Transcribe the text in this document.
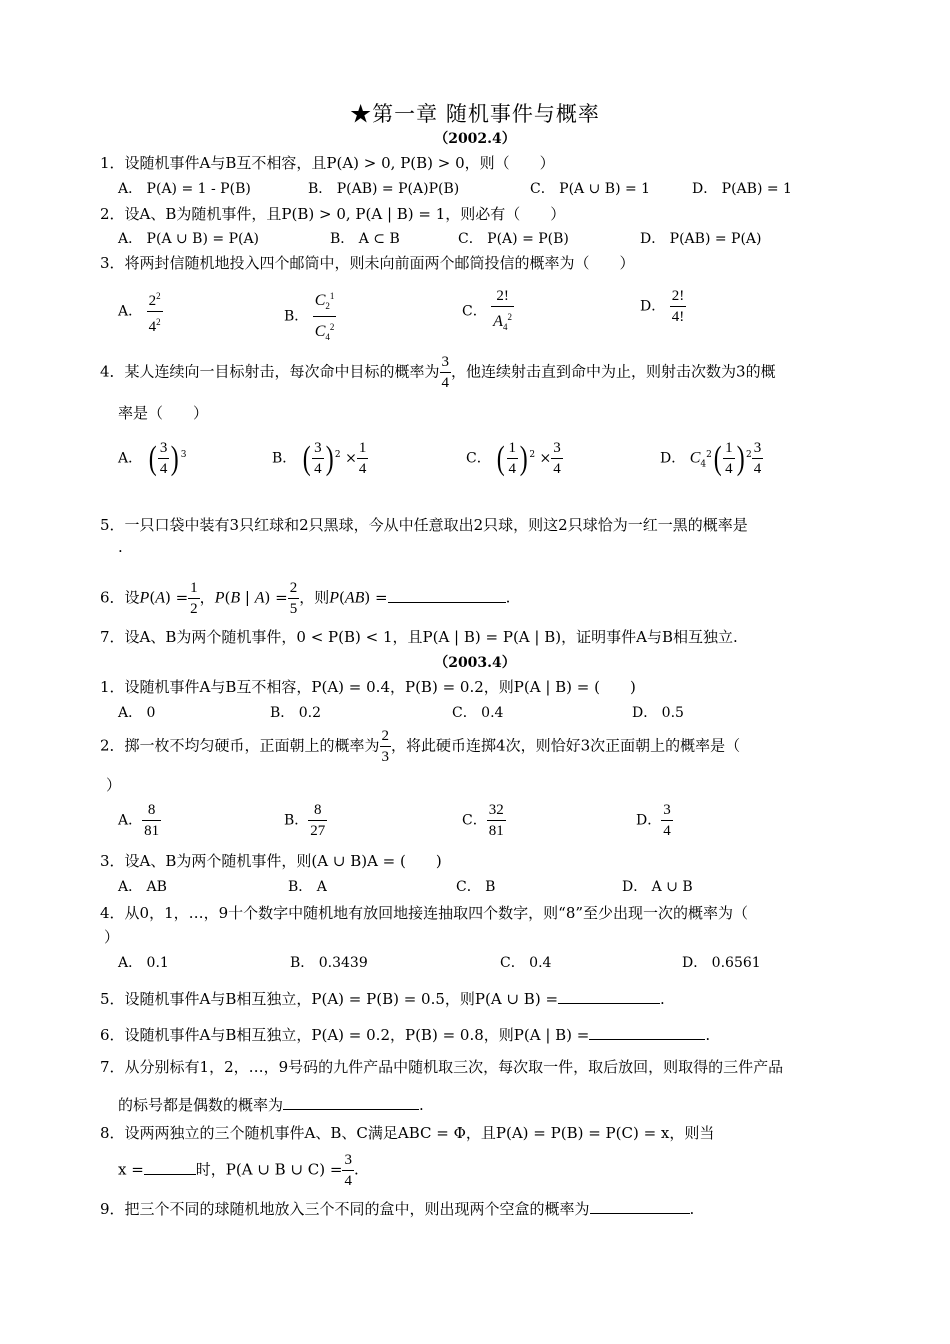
★第一章 随机事件与概率
（2002.4）
1．设随机事件A与B互不相容，且P(A) > 0, P(B) > 0，则（　　）
A． P(A) = 1 - P(B)	B． P(AB) = P(A)P(B)	C． P(A ∪ B) = 1	D． P(AB) = 1
2．设A、B为随机事件，且P(B) > 0, P(A | B) = 1，则必有（　　）
A． P(A ∪ B) = P(A)	B． A ⊂ B	C． P(A) = P(B)	D． P(AB) = P(A)
3．将两封信随机地投入四个邮筒中，则未向前面两个邮筒投信的概率为（　　）
A． $\frac{2^2}{4^2}$	B． $\frac{C_2^1}{C_4^2}$	C． $\frac{2!}{A_4^2}$	D． $\frac{2!}{4!}$
4．某人连续向一目标射击，每次命中目标的概率为 $\frac{3}{4}$ ，他连续射击直到命中为止，则射击次数为3的概
率是（　　）
A． ( $\frac{3}{4}$ ) $^3$	B． ( $\frac{3}{4}$ ) $^2 \times \frac{1}{4}$	C． ( $\frac{1}{4}$ ) $^2 \times \frac{3}{4}$	D． $C_4^2( \frac{1}{4}$ ) $^2 \frac{3}{4}$
5．一只口袋中装有3只红球和2只黑球，今从中任意取出2只球，则这2只球恰为一红一黑的概率是
.
6．设$P(A) = \frac{1}{2}$ ，P(B | $A) = \frac{2}{5}$ ，则P(AB) =	.
7．设A、B为两个随机事件，0 < P(B) < 1，且P(A | B) = P(A | B)，证明事件A与B相互独立.
（2003.4）
1．设随机事件A与B互不相容，P(A) = 0.4，P(B) = 0.2，则P(A | B) = (　　)
A． 0	B． 0.2	C． 0.4	D． 0.5
2．掷一枚不均匀硬币，正面朝上的概率为 $\frac{2}{3}$ ，将此硬币连掷4次，则恰好3次正面朝上的概率是（
）
A． $\frac{8}{81}$	B． $\frac{8}{27}$	C． $\frac{32}{81}$	D． $\frac{3}{4}$
3．设A、B为两个随机事件，则(A ∪ B)A = (　　)
A． AB	B． A	C． B	D． A ∪ B
4．从0，1，…，9十个数字中随机地有放回地接连抽取四个数字，则“8”至少出现一次的概率为（
）
A． 0.1	B． 0.3439	C． 0.4	D． 0.6561
5．设随机事件A与B相互独立，P(A) = P(B) = 0.5，则P(A ∪ B) =	.
6．设随机事件A与B相互独立，P(A) = 0.2，P(B) = 0.8，则P(A | B) =	.
7．从分别标有1，2，…，9号码的九件产品中随机取三次，每次取一件，取后放回，则取得的三件产品
的标号都是偶数的概率为	.
8．设两两独立的三个随机事件A、B、C满足ABC = Φ，且P(A) = P(B) = P(C) = x，则当
x =	时，P(A ∪ B ∪ $C) = \frac{3}{4}$ .
9．把三个不同的球随机地放入三个不同的盒中，则出现两个空盒的概率为	.
